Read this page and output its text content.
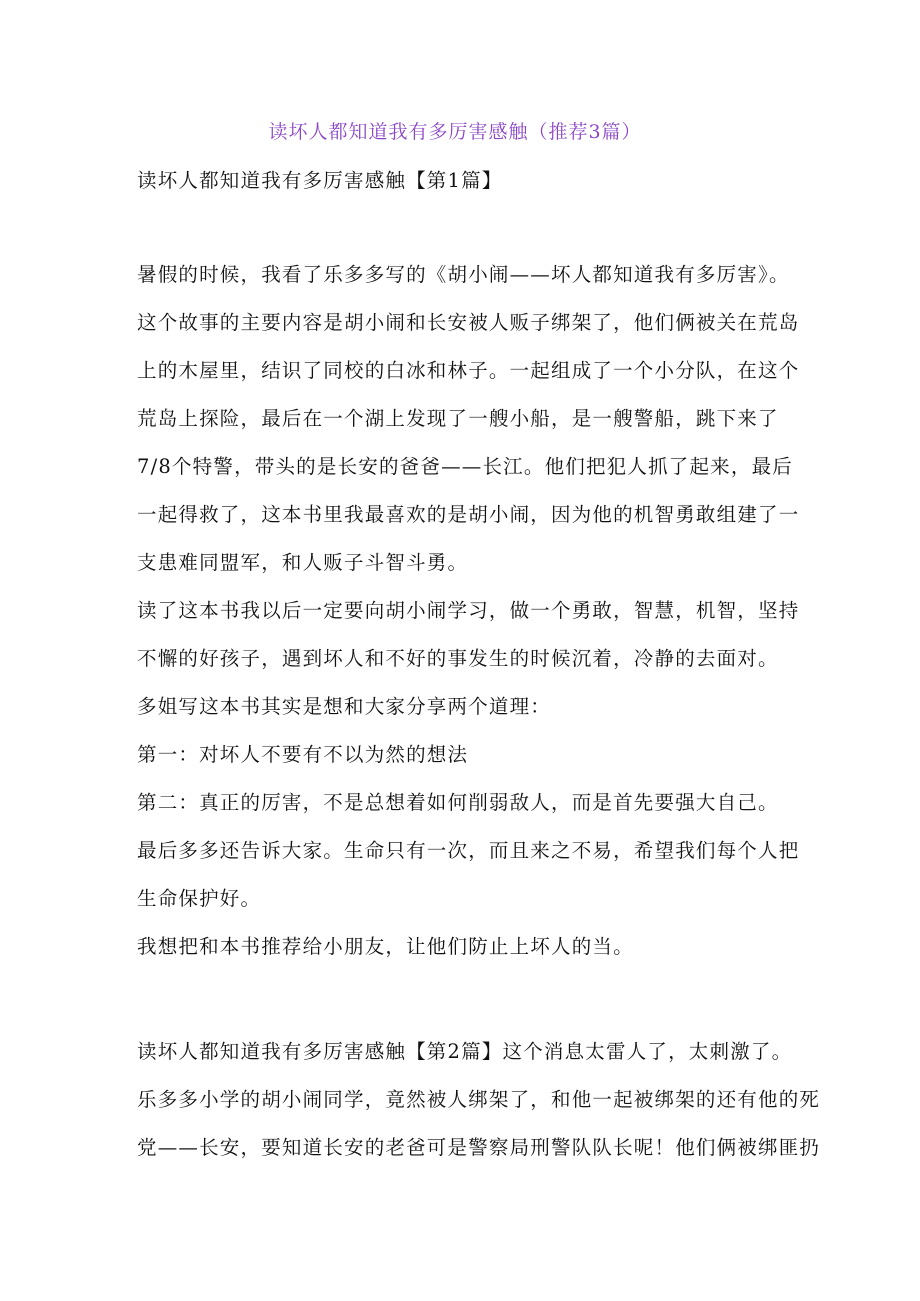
读坏人都知道我有多厉害感触（推荐3篇）
读坏人都知道我有多厉害感触【第1篇】
暑假的时候，我看了乐多多写的《胡小闹——坏人都知道我有多厉害》。
这个故事的主要内容是胡小闹和长安被人贩子绑架了，他们俩被关在荒岛
上的木屋里，结识了同校的白冰和林子。一起组成了一个小分队，在这个
荒岛上探险，最后在一个湖上发现了一艘小船，是一艘警船，跳下来了
7/8个特警，带头的是长安的爸爸——长江。他们把犯人抓了起来，最后
一起得救了，这本书里我最喜欢的是胡小闹，因为他的机智勇敢组建了一
支患难同盟军，和人贩子斗智斗勇。
读了这本书我以后一定要向胡小闹学习，做一个勇敢，智慧，机智，坚持
不懈的好孩子，遇到坏人和不好的事发生的时候沉着，冷静的去面对。
多姐写这本书其实是想和大家分享两个道理：
第一：对坏人不要有不以为然的想法
第二：真正的厉害，不是总想着如何削弱敌人，而是首先要强大自己。
最后多多还告诉大家。生命只有一次，而且来之不易，希望我们每个人把
生命保护好。
我想把和本书推荐给小朋友，让他们防止上坏人的当。
读坏人都知道我有多厉害感触【第2篇】这个消息太雷人了，太刺激了。
乐多多小学的胡小闹同学，竟然被人绑架了，和他一起被绑架的还有他的死
党——长安，要知道长安的老爸可是警察局刑警队队长呢！他们俩被绑匪扔
